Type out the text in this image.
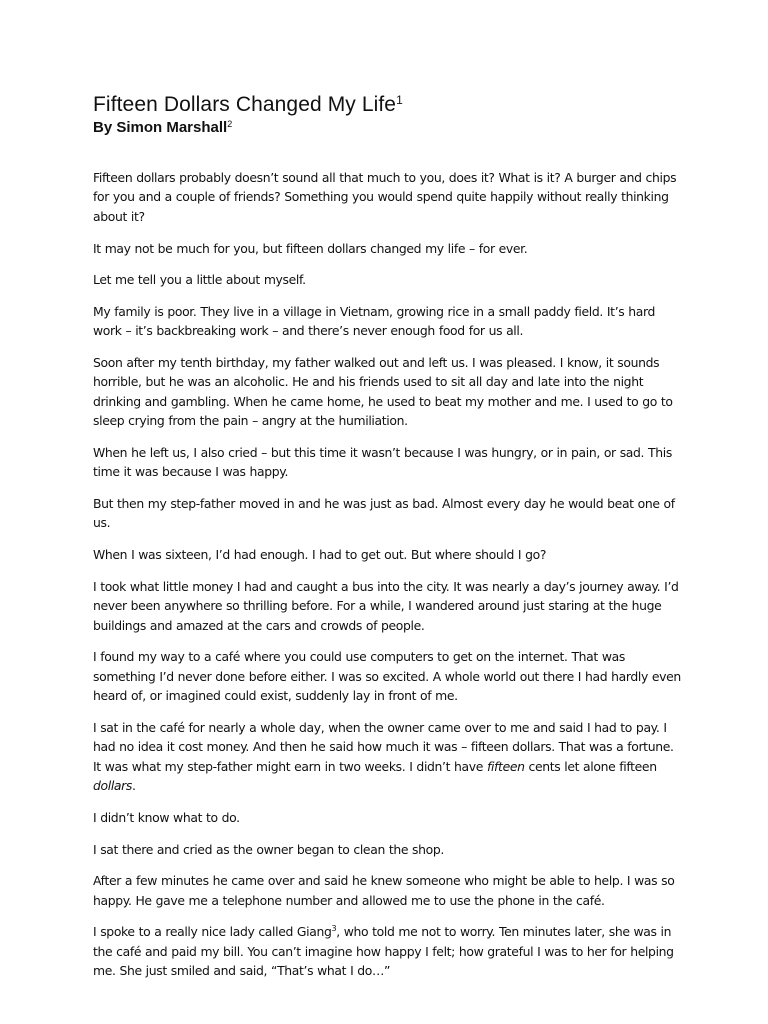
Fifteen Dollars Changed My Life$^1$

By Simon Marshall$^2$

Fifteen dollars probably doesn’t sound all that much to you, does it? What is it? A burger and chips for you and a couple of friends? Something you would spend quite happily without really thinking about it?

It may not be much for you, but fifteen dollars changed my life – for ever.

Let me tell you a little about myself.

My family is poor. They live in a village in Vietnam, growing rice in a small paddy field. It’s hard work – it’s backbreaking work – and there’s never enough food for us all.

Soon after my tenth birthday, my father walked out and left us. I was pleased. I know, it sounds horrible, but he was an alcoholic. He and his friends used to sit all day and late into the night drinking and gambling. When he came home, he used to beat my mother and me. I used to go to sleep crying from the pain – angry at the humiliation.

When he left us, I also cried – but this time it wasn’t because I was hungry, or in pain, or sad. This time it was because I was happy.

But then my step-father moved in and he was just as bad. Almost every day he would beat one of us.

When I was sixteen, I’d had enough. I had to get out. But where should I go?

I took what little money I had and caught a bus into the city. It was nearly a day’s journey away. I’d never been anywhere so thrilling before. For a while, I wandered around just staring at the huge buildings and amazed at the cars and crowds of people.

I found my way to a café where you could use computers to get on the internet. That was something I’d never done before either. I was so excited. A whole world out there I had hardly even heard of, or imagined could exist, suddenly lay in front of me.

I sat in the café for nearly a whole day, when the owner came over to me and said I had to pay. I had no idea it cost money. And then he said how much it was – fifteen dollars. That was a fortune. It was what my step-father might earn in two weeks. I didn’t have fifteen cents let alone fifteen dollars.

I didn’t know what to do.

I sat there and cried as the owner began to clean the shop.

After a few minutes he came over and said he knew someone who might be able to help. I was so happy. He gave me a telephone number and allowed me to use the phone in the café.

I spoke to a really nice lady called Giang$^3$, who told me not to worry. Ten minutes later, she was in the café and paid my bill. You can’t imagine how happy I felt; how grateful I was to her for helping me. She just smiled and said, “That’s what I do…”
